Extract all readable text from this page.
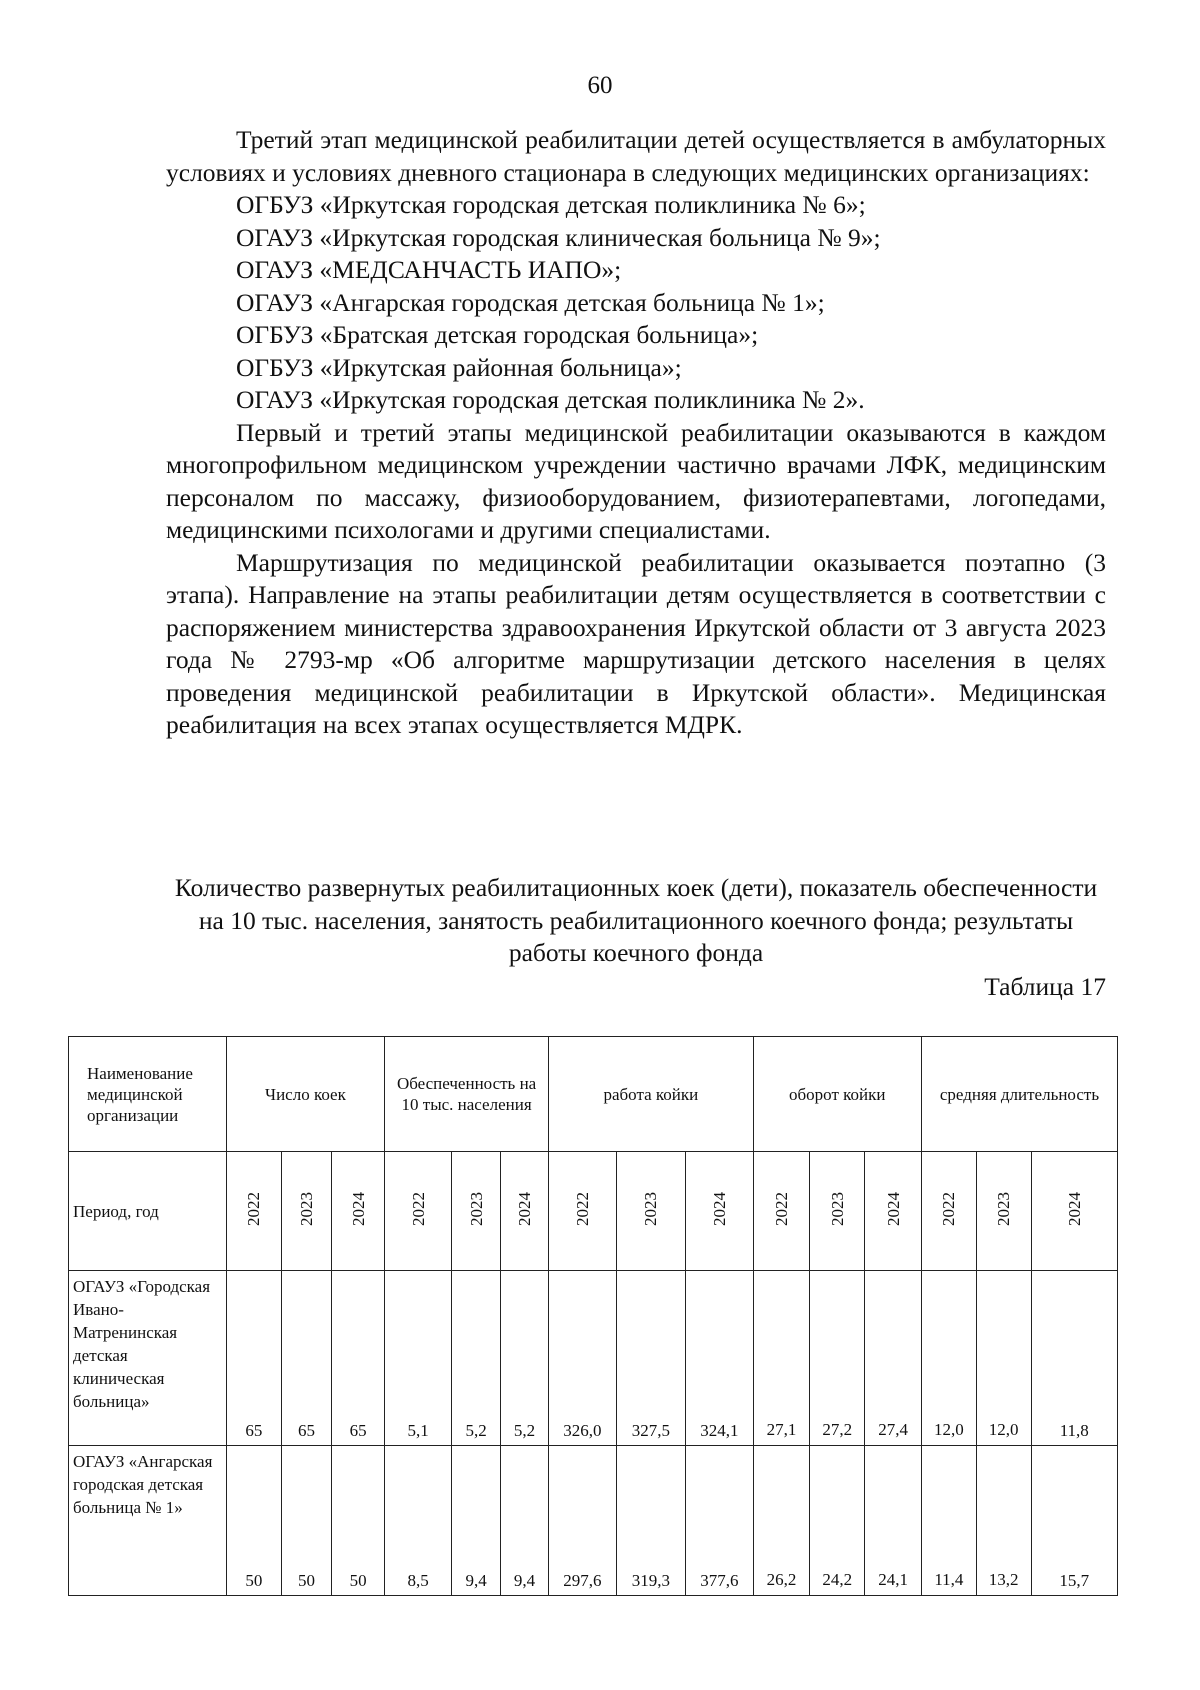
60

Третий этап медицинской реабилитации детей осуществляется в амбулаторных условиях и условиях дневного стационара в следующих медицинских организациях:

ОГБУЗ «Иркутская городская детская поликлиника № 6»;
ОГАУЗ «Иркутская городская клиническая больница № 9»;
ОГАУЗ «МЕДСАНЧАСТЬ ИАПО»;
ОГАУЗ «Ангарская городская детская больница № 1»;
ОГБУЗ «Братская детская городская больница»;
ОГБУЗ «Иркутская районная больница»;
ОГАУЗ «Иркутская городская детская поликлиника № 2».

Первый и третий этапы медицинской реабилитации оказываются в каждом многопрофильном медицинском учреждении частично врачами ЛФК, медицинским персоналом по массажу, физиооборудованием, физиотерапевтами, логопедами, медицинскими психологами и другими специалистами.

Маршрутизация по медицинской реабилитации оказывается поэтапно (3 этапа). Направление на этапы реабилитации детям осуществляется в соответствии с распоряжением министерства здравоохранения Иркутской области от 3 августа 2023 года № 2793-мр «Об алгоритме маршрутизации детского населения в целях проведения медицинской реабилитации в Иркутской области». Медицинская реабилитация на всех этапах осуществляется МДРК.

Количество развернутых реабилитационных коек (дети), показатель обеспеченности на 10 тыс. населения, занятость реабилитационного коечного фонда; результаты работы коечного фонда
Таблица 17
Наименование медицинской организации	Число коек			Обеспеченность на 10 тыс. населения			работа койки			оборот койки			средняя длительность		
Период, год	2022	2023	2024	2022	2023	2024	2022	2023	2024	2022	2023	2024	2022	2023	2024
ОГАУЗ «Городская Ивано-Матренинская детская клиническая больница»	65	65	65	5,1	5,2	5,2	326,0	327,5	324,1	27,1	27,2	27,4	12,0	12,0	11,8
ОГАУЗ «Ангарская городская детская больница № 1»	50	50	50	8,5	9,4	9,4	297,6	319,3	377,6	26,2	24,2	24,1	11,4	13,2	15,7
